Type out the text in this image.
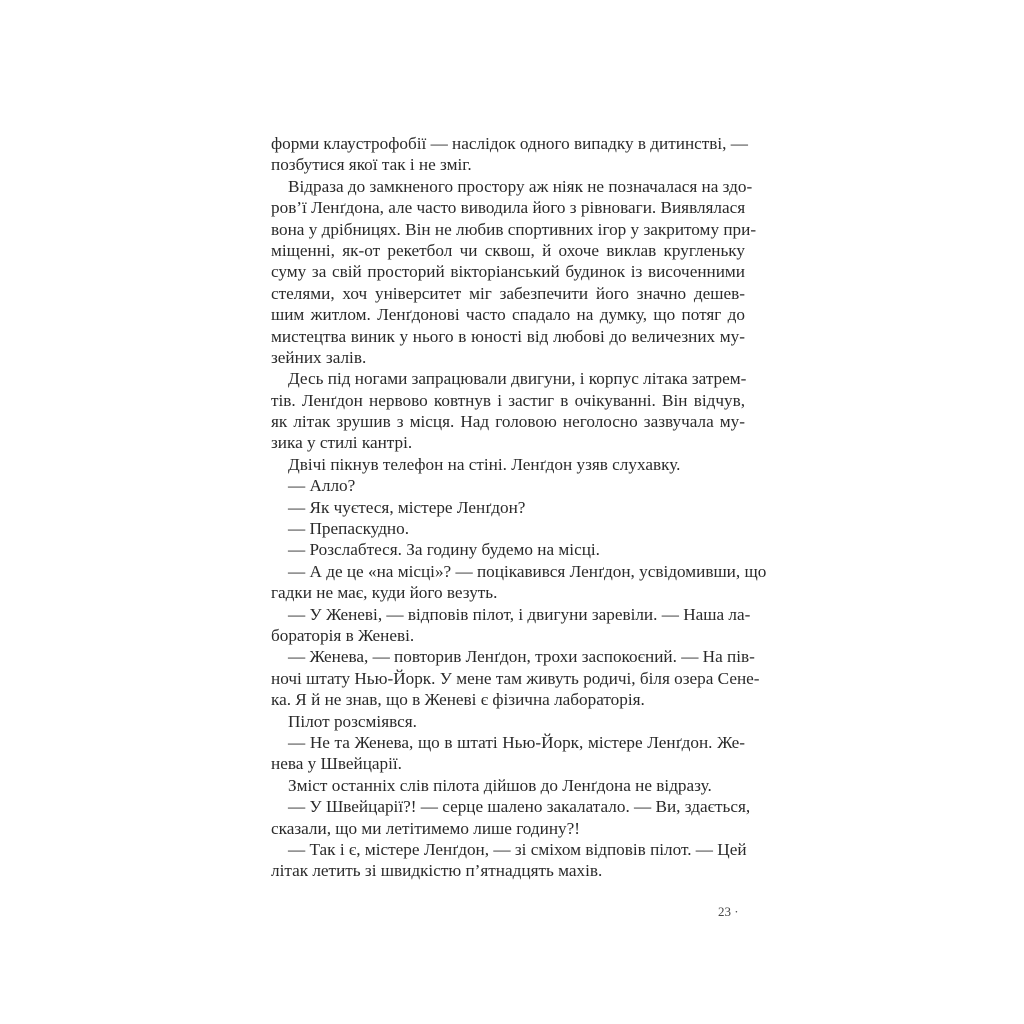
форми клаустрофобії — наслідок одного випадку в дитинстві, —
позбутися якої так і не зміг.
Відраза до замкненого простору аж ніяк не позначалася на здо-
ров’ї Ленґдона, але часто виводила його з рівноваги. Виявлялася
вона у дрібницях. Він не любив спортивних ігор у закритому при-
міщенні, як-от рекетбол чи сквош, й охоче виклав кругленьку
суму за свій просторий вікторіанський будинок із височенними
стелями, хоч університет міг забезпечити його значно дешев-
шим житлом. Ленґдонові часто спадало на думку, що потяг до
мистецтва виник у нього в юності від любові до величезних му-
зейних залів.
Десь під ногами запрацювали двигуни, і корпус літака затрем-
тів. Ленґдон нервово ковтнув і застиг в очікуванні. Він відчув,
як літак зрушив з місця. Над головою неголосно зазвучала му-
зика у стилі кантрі.
Двічі пікнув телефон на стіні. Ленґдон узяв слухавку.
— Алло?
— Як чуєтеся, містере Ленґдон?
— Препаскудно.
— Розслабтеся. За годину будемо на місці.
— А де це «на місці»? — поцікавився Ленґдон, усвідомивши, що
гадки не має, куди його везуть.
— У Женеві, — відповів пілот, і двигуни заревіли. — Наша ла-
бораторія в Женеві.
— Женева, — повторив Ленґдон, трохи заспокоєний. — На пів-
ночі штату Нью-Йорк. У мене там живуть родичі, біля озера Сене-
ка. Я й не знав, що в Женеві є фізична лабораторія.
Пілот розсміявся.
— Не та Женева, що в штаті Нью-Йорк, містере Ленґдон. Же-
нева у Швейцарії.
Зміст останніх слів пілота дійшов до Ленґдона не відразу.
— У Швейцарії?! — серце шалено закалатало. — Ви, здається,
сказали, що ми летітимемо лише годину?!
— Так і є, містере Ленґдон, — зі сміхом відповів пілот. — Цей
літак летить зі швидкістю п’ятнадцять махів.
23 ·
